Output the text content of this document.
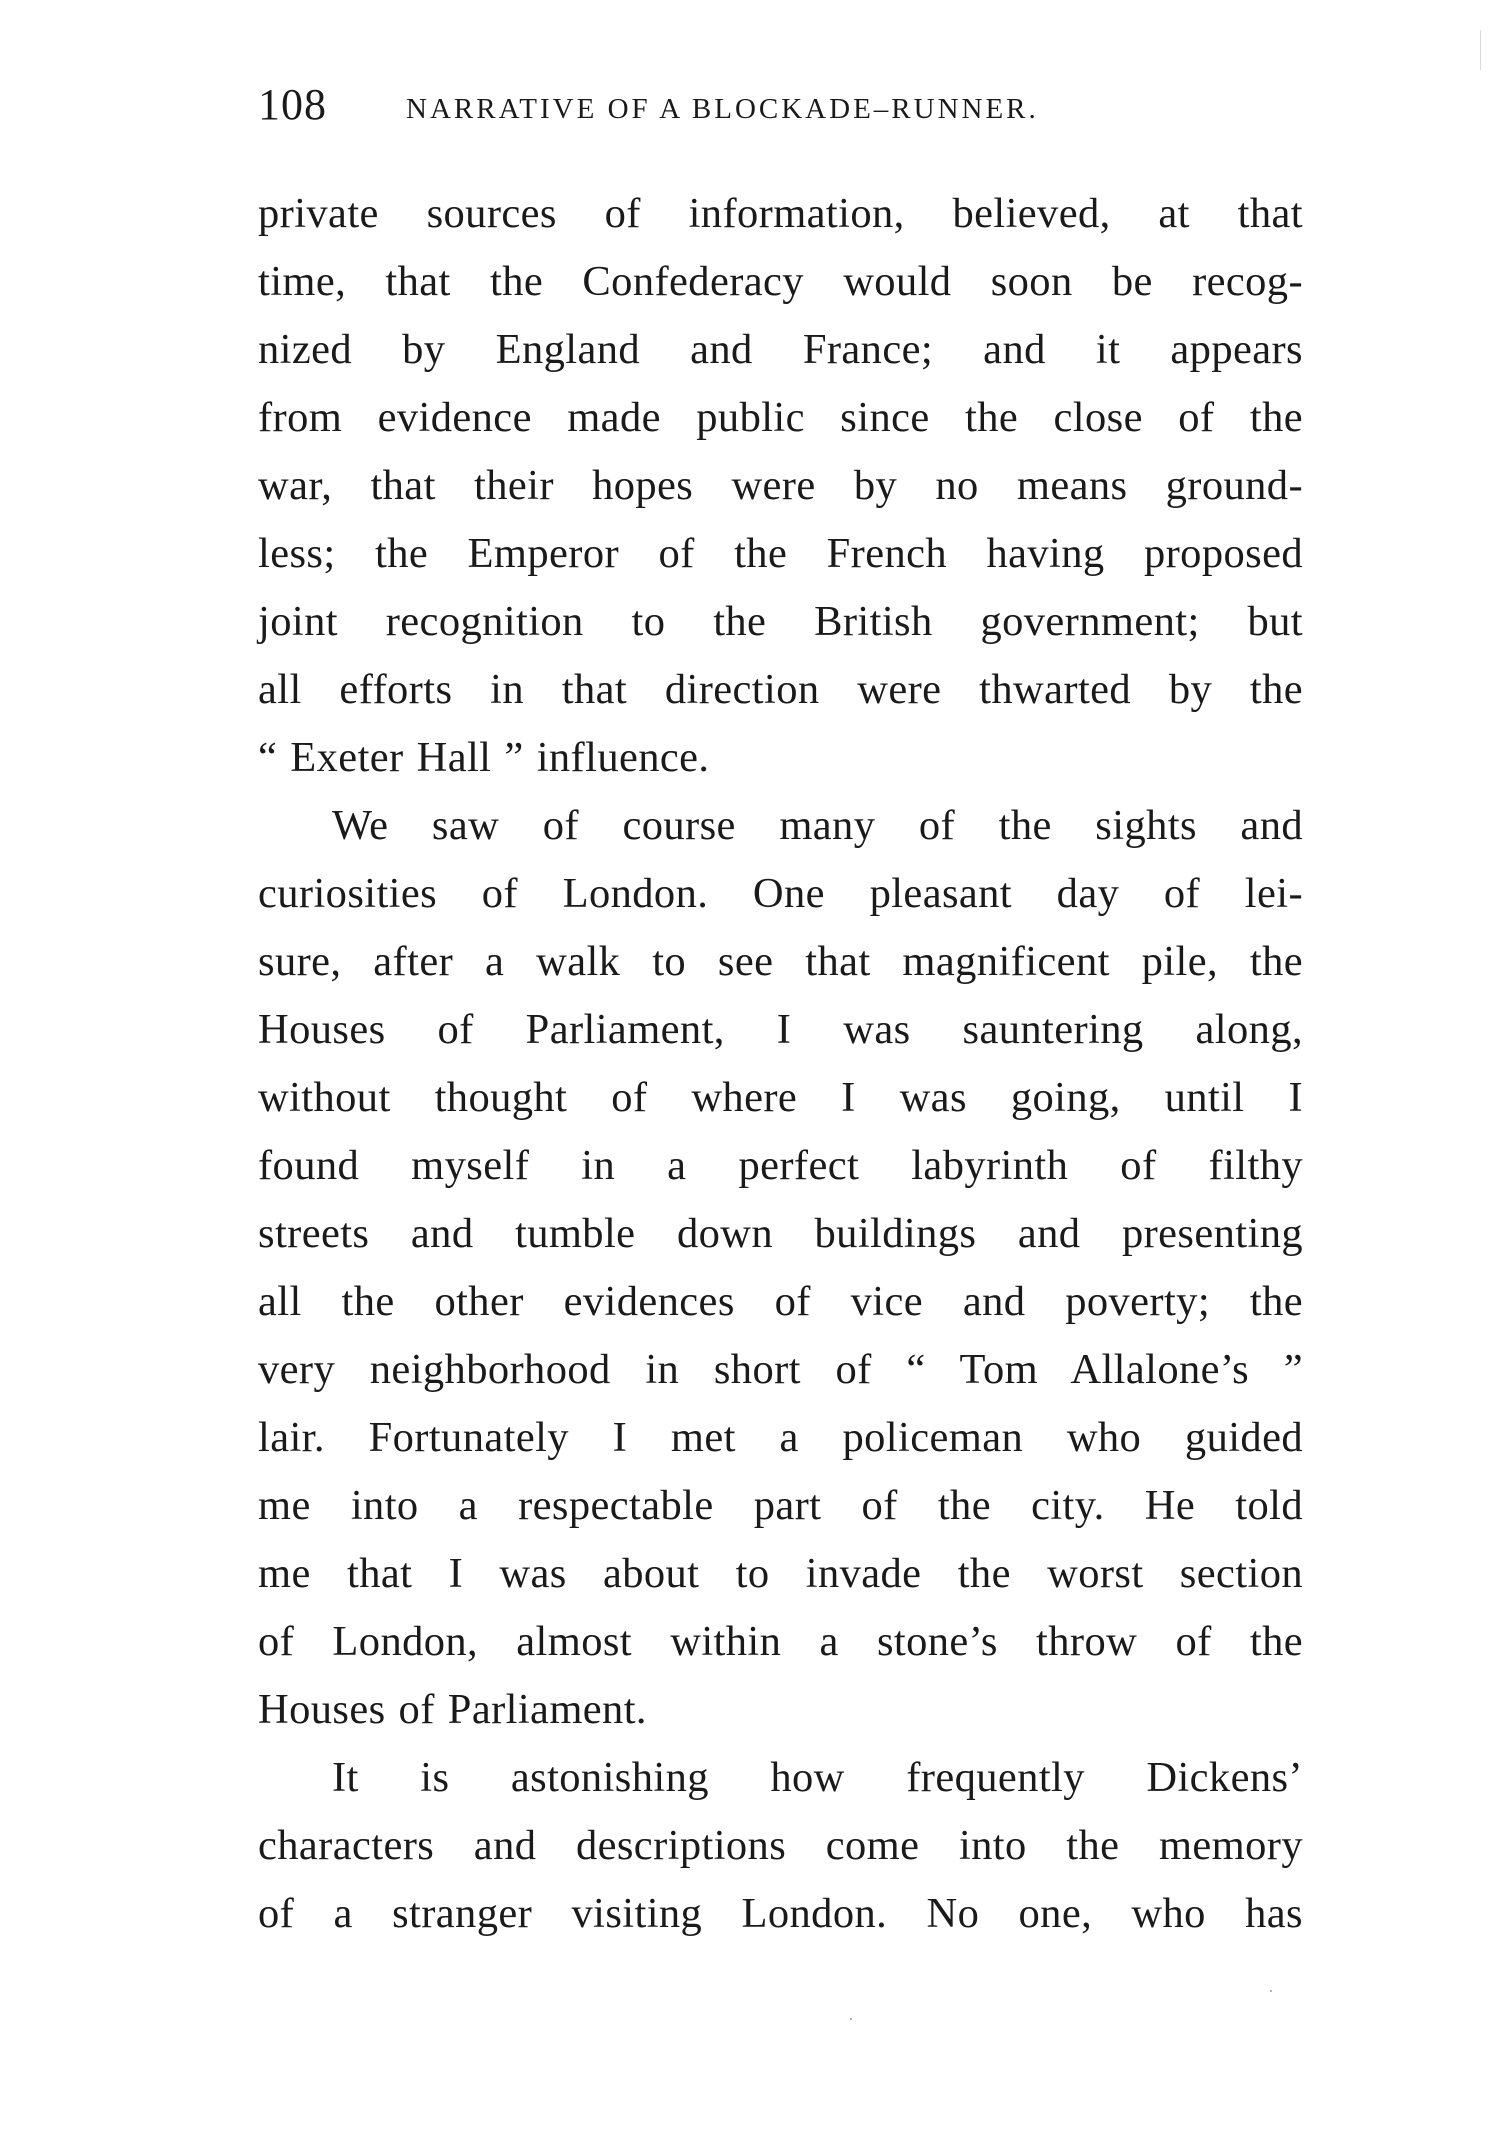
108	NARRATIVE OF A BLOCKADE–RUNNER.
private sources of information, believed, at that
time, that the Confederacy would soon be recog-
nized by England and France; and it appears
from evidence made public since the close of the
war, that their hopes were by no means ground-
less; the Emperor of the French having proposed
joint recognition to the British government; but
all efforts in that direction were thwarted by the
“ Exeter Hall ” influence.
We saw of course many of the sights and
curiosities of London. One pleasant day of lei-
sure, after a walk to see that magnificent pile, the
Houses of Parliament, I was sauntering along,
without thought of where I was going, until I
found myself in a perfect labyrinth of filthy
streets and tumble down buildings and presenting
all the other evidences of vice and poverty; the
very neighborhood in short of “ Tom Allalone’s ”
lair. Fortunately I met a policeman who guided
me into a respectable part of the city. He told
me that I was about to invade the worst section
of London, almost within a stone’s throw of the
Houses of Parliament.
It is astonishing how frequently Dickens’
characters and descriptions come into the memory
of a stranger visiting London. No one, who has
